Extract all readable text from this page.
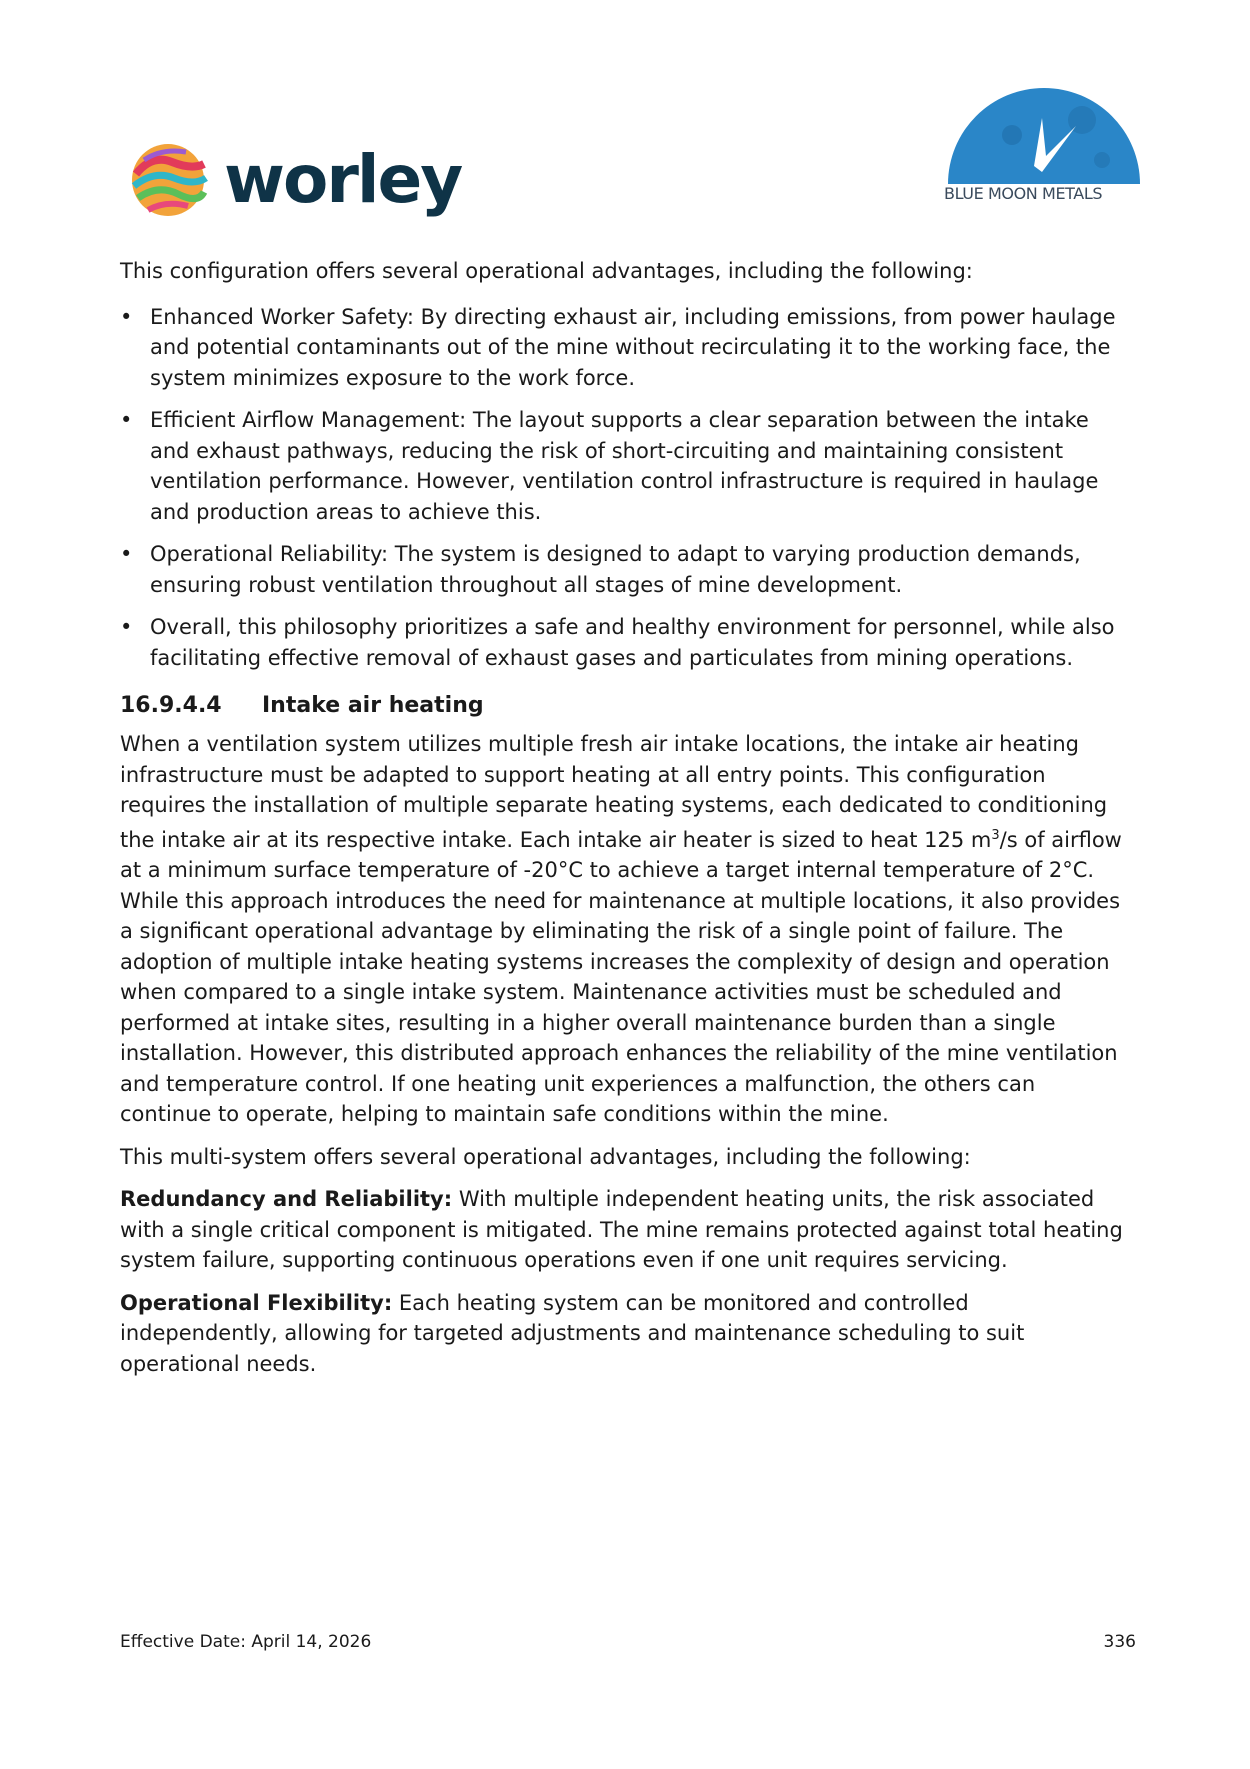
worley	BLUE MOON METALS

This configuration offers several operational advantages, including the following:

• Enhanced Worker Safety: By directing exhaust air, including emissions, from power haulage and potential contaminants out of the mine without recirculating it to the working face, the system minimizes exposure to the work force.
• Efficient Airflow Management: The layout supports a clear separation between the intake and exhaust pathways, reducing the risk of short-circuiting and maintaining consistent ventilation performance. However, ventilation control infrastructure is required in haulage and production areas to achieve this.
• Operational Reliability: The system is designed to adapt to varying production demands, ensuring robust ventilation throughout all stages of mine development.
• Overall, this philosophy prioritizes a safe and healthy environment for personnel, while also facilitating effective removal of exhaust gases and particulates from mining operations.
16.9.4.4 Intake air heating

When a ventilation system utilizes multiple fresh air intake locations, the intake air heating infrastructure must be adapted to support heating at all entry points. This configuration requires the installation of multiple separate heating systems, each dedicated to conditioning the intake air at its respective intake. Each intake air heater is sized to heat 125 $m^3/s$ of airflow at a minimum surface temperature of -20°C to achieve a target internal temperature of 2°C. While this approach introduces the need for maintenance at multiple locations, it also provides a significant operational advantage by eliminating the risk of a single point of failure. The adoption of multiple intake heating systems increases the complexity of design and operation when compared to a single intake system. Maintenance activities must be scheduled and performed at intake sites, resulting in a higher overall maintenance burden than a single installation. However, this distributed approach enhances the reliability of the mine ventilation and temperature control. If one heating unit experiences a malfunction, the others can continue to operate, helping to maintain safe conditions within the mine.

This multi-system offers several operational advantages, including the following:

Redundancy and Reliability: With multiple independent heating units, the risk associated with a single critical component is mitigated. The mine remains protected against total heating system failure, supporting continuous operations even if one unit requires servicing.

Operational Flexibility: Each heating system can be monitored and controlled independently, allowing for targeted adjustments and maintenance scheduling to suit operational needs.

Effective Date: April 14, 2026	336
